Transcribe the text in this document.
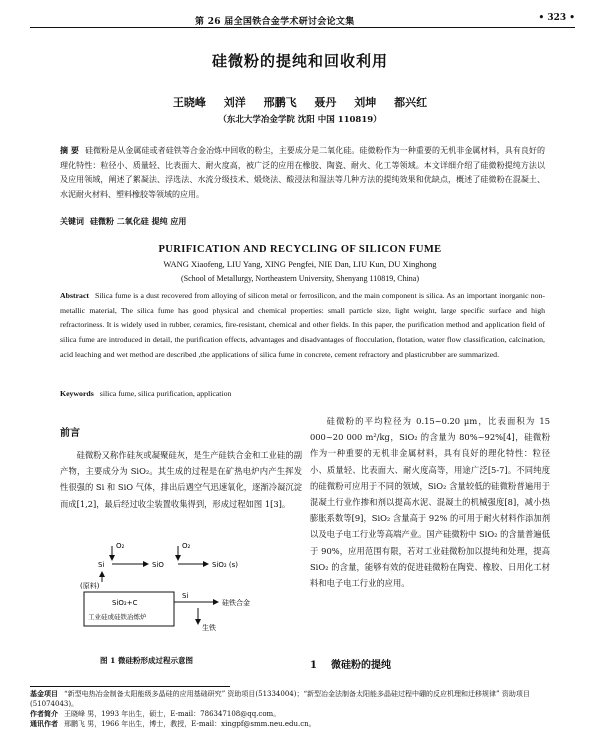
第 26 届全国铁合金学术研讨会论文集	• 323 •
硅微粉的提纯和回收利用
王晓峰 刘洋 邢鹏飞 聂丹 刘坤 都兴红
（东北大学冶金学院 沈阳 中国 110819）
摘 要 硅微粉是从金属硅或者硅铁等合金冶炼中回收的粉尘，主要成分是二氧化硅。硅微粉作为一种重要的无机非金属材料，具有良好的理化特性：粒径小、质量轻、比表面大、耐火度高，被广泛的应用在橡胶、陶瓷、耐火、化工等领域。本文详细介绍了硅微粉提纯方法以及应用领域，阐述了絮凝法、浮选法、水流分级技术、煅烧法、酸浸法和湿法等几种方法的提纯效果和优缺点，概述了硅微粉在混凝土、水泥耐火材料、塑料橡胶等领域的应用。
关键词 硅微粉 二氧化硅 提纯 应用
PURIFICATION AND RECYCLING OF SILICON FUME
WANG Xiaofeng, LIU Yang, XING Pengfei, NIE Dan, LIU Kun, DU Xinghong
(School of Metallurgy, Northeastern University, Shenyang 110819, China)
Abstract Silica fume is a dust recovered from alloying of silicon metal or ferrosilicon, and the main component is silica. As an important inorganic non-metallic material, The silica fume has good physical and chemical properties: small particle size, light weight, large specific surface and high refractoriness. It is widely used in rubber, ceramics, fire-resistant, chemical and other fields. In this paper, the purification method and application field of silica fume are introduced in detail, the purification effects, advantages and disadvantages of flocculation, flotation, water flow classification, calcination, acid leaching and wet method are described ,the applications of silica fume in concrete, cement refractory and plasticrubber are summarized.
Keywords silica fume, silica purification, application
前言
硅微粉又称作硅灰或凝聚硅灰，是生产硅铁合金和工业硅的副产物，主要成分为 SiO₂。其生成的过程是在矿热电炉内产生挥发性很强的 Si 和 SiO 气体，排出后遇空气迅速氧化，逐渐冷凝沉淀而成[1,2]，最后经过收尘装置收集得到，形成过程如图 1[3]。
硅微粉的平均粒径为 0.15~0.20 μm，比表面积为 15 000~20 000 m²/kg，SiO₂ 的含量为 80%~92%[4]，硅微粉作为一种重要的无机非金属材料，具有良好的理化特性：粒径小、质量轻、比表面大、耐火度高等，用途广泛[5-7]。不同纯度的硅微粉可应用于不同的领域，SiO₂ 含量较低的硅微粉普遍用于混凝土行业作掺和剂以提高水泥、混凝土的机械强度[8]，减小热膨胀系数等[9]，SiO₂ 含量高于 92% 的可用于耐火材料作添加剂以及电子电工行业等高端产业。国产硅微粉中 SiO₂ 的含量普遍低于 90%，应用范围有限，若对工业硅微粉加以提纯和处理，提高 SiO₂ 的含量，能够有效的促进硅微粉在陶瓷、橡胶、日用化工材料和电子电工行业的应用。
O₂	O₂
Si	SiO	SiO₂ (s)
(原料)
SiO₂+C
工业硅或硅铁冶炼炉
Si
硅铁合金
生铁
图 1 微硅粉形成过程示意图	1 微硅粉的提纯
基金项目 “新型电热冶金制备太阳能级多晶硅的应用基础研究” 资助项目(51334004)；“新型冶金法制备太阳能多晶硅过程中硼的反应机理和迁移规律” 资助项目(51074043)。
作者简介 王晓峰 男，1993 年出生，硕士，E-mail：786347108@qq.com。
通讯作者 邢鹏飞 男，1966 年出生，博士，教授，E-mail：xingpf@smm.neu.edu.cn。
